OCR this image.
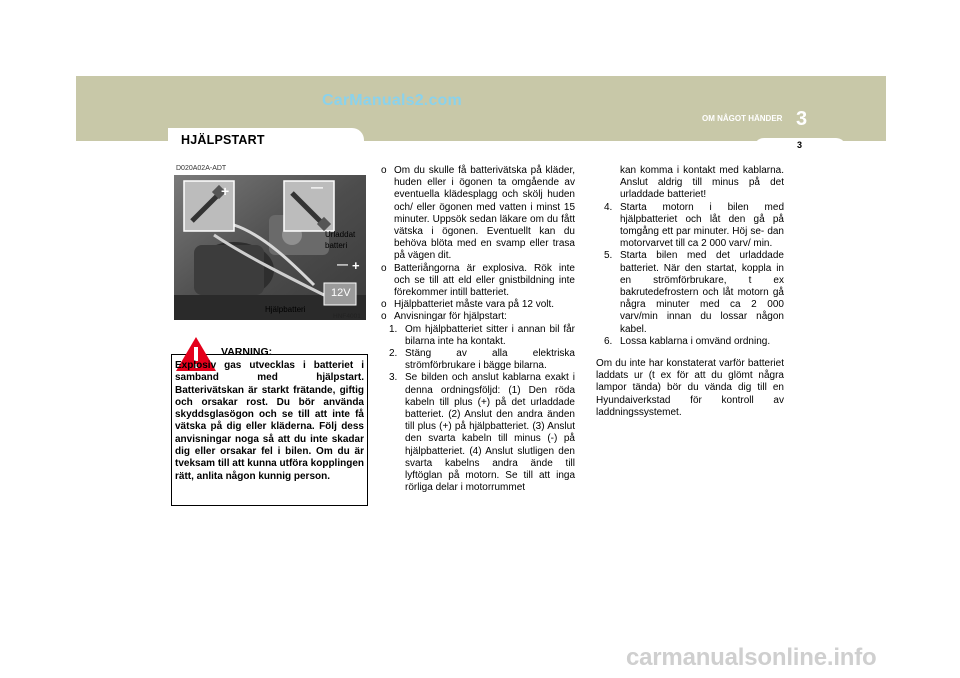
CarManuals2.com
OM NÅGOT HÄNDER 3
HJÄLPSTART	3
D020A02A-ADT
+	—
— +
12V
Urladdat batteri
Hjälpbatteri
HNF4001
VARNING:
Explosiv gas utvecklas i batteriet i samband med hjälpstart. Batterivätskan är starkt frätande, giftig och orsakar rost. Du bör använda skyddsglasögon och se till att inte få vätska på dig eller kläderna. Följ dess anvisningar noga så att du inte skadar dig eller orsakar fel i bilen. Om du är tveksam till att kunna utföra kopplingen rätt, anlita någon kunnig person.
o Om du skulle få batterivätska på kläder, huden eller i ögonen ta omgående av eventuella klädesplagg och skölj huden och/ eller ögonen med vatten i minst 15 minuter. Uppsök sedan läkare om du fått vätska i ögonen. Eventuellt kan du behöva blöta med en svamp eller trasa på vägen dit.
o Batteriångorna är explosiva. Rök inte och se till att eld eller gnistbildning inte förekommer intill batteriet.
o Hjälpbatteriet måste vara på 12 volt.
o Anvisningar för hjälpstart:
1. Om hjälpbatteriet sitter i annan bil får bilarna inte ha kontakt.
2. Stäng av alla elektriska strömförbrukare i bägge bilarna.
3. Se bilden och anslut kablarna exakt i denna ordningsföljd: (1) Den röda kabeln till plus (+) på det urladdade batteriet. (2) Anslut den andra änden till plus (+) på hjälpbatteriet. (3) Anslut den svarta kabeln till minus (-) på hjälpbatteriet. (4) Anslut slutligen den svarta kabelns andra ände till lyftöglan på motorn. Se till att inga rörliga delar i motorrummet
kan komma i kontakt med kablarna. Anslut aldrig till minus på det urladdade batteriet!
4. Starta motorn i bilen med hjälpbatteriet och låt den gå på tomgång ett par minuter. Höj se- dan motorvarvet till ca 2 000 varv/ min.
5. Starta bilen med det urladdade batteriet. När den startat, koppla in en strömförbrukare, t ex bakrutedefrostern och låt motorn gå några minuter med ca 2 000 varv/min innan du lossar någon kabel.
6. Lossa kablarna i omvänd ordning.
Om du inte har konstaterat varför batteriet laddats ur (t ex för att du glömt några lampor tända) bör du vända dig till en Hyundaiverkstad för kontroll av laddningssystemet.
carmanualsonline.info
